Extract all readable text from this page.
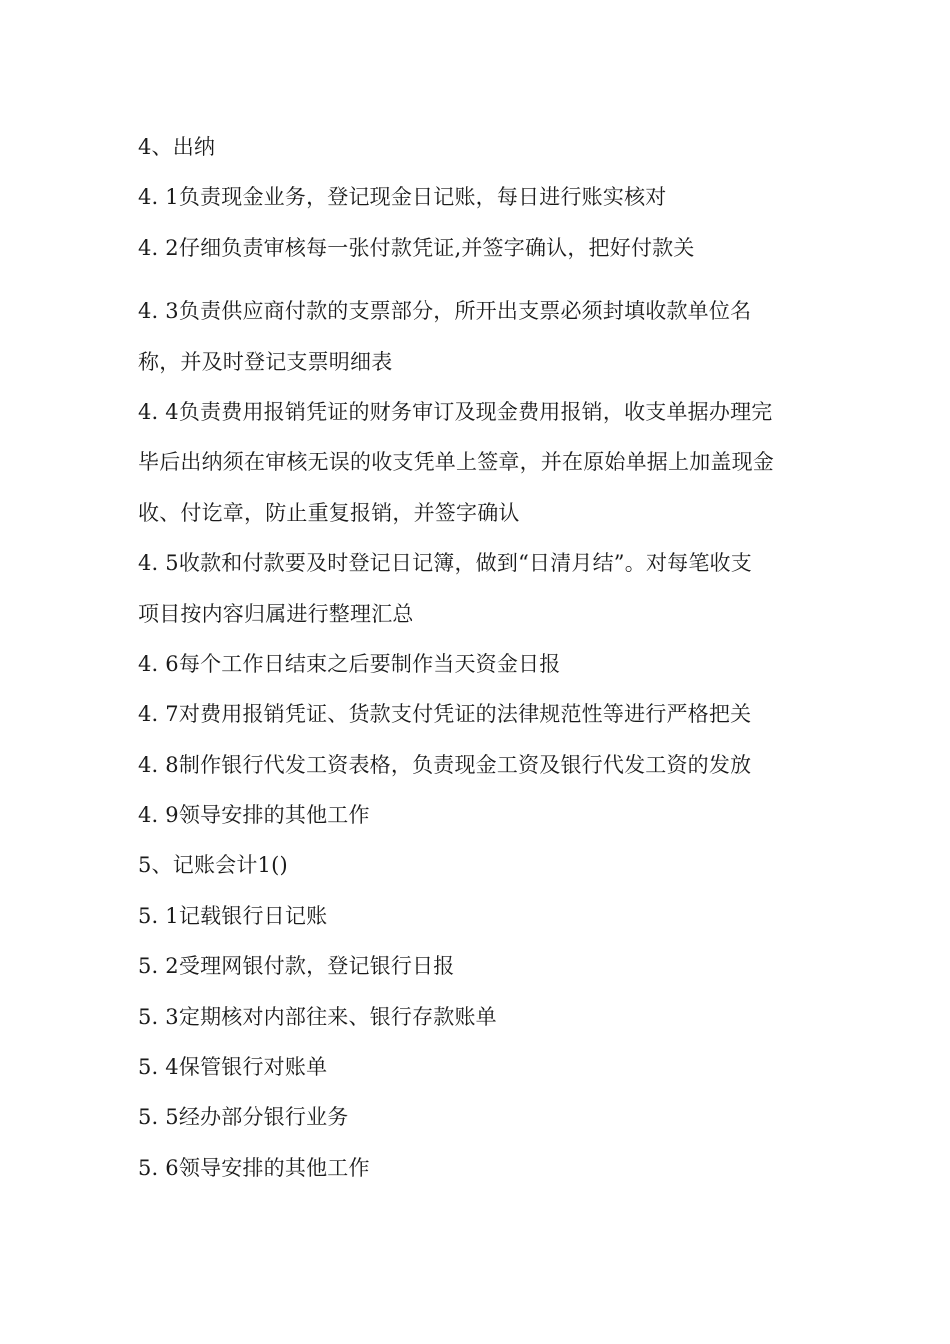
4、出纳
4. 1负责现金业务，登记现金日记账，每日进行账实核对
4. 2仔细负责审核每一张付款凭证,并签字确认，把好付款关
4. 3负责供应商付款的支票部分，所开出支票必须封填收款单位名
称，并及时登记支票明细表
4. 4负责费用报销凭证的财务审订及现金费用报销，收支单据办理完
毕后出纳须在审核无误的收支凭单上签章，并在原始单据上加盖现金
收、付讫章，防止重复报销，并签字确认
4. 5收款和付款要及时登记日记簿，做到“日清月结”。对每笔收支
项目按内容归属进行整理汇总
4. 6每个工作日结束之后要制作当天资金日报
4. 7对费用报销凭证、货款支付凭证的法律规范性等进行严格把关
4. 8制作银行代发工资表格，负责现金工资及银行代发工资的发放
4. 9领导安排的其他工作
5、记账会计1()
5. 1记载银行日记账
5. 2受理网银付款，登记银行日报
5. 3定期核对内部往来、银行存款账单
5. 4保管银行对账单
5. 5经办部分银行业务
5. 6领导安排的其他工作
